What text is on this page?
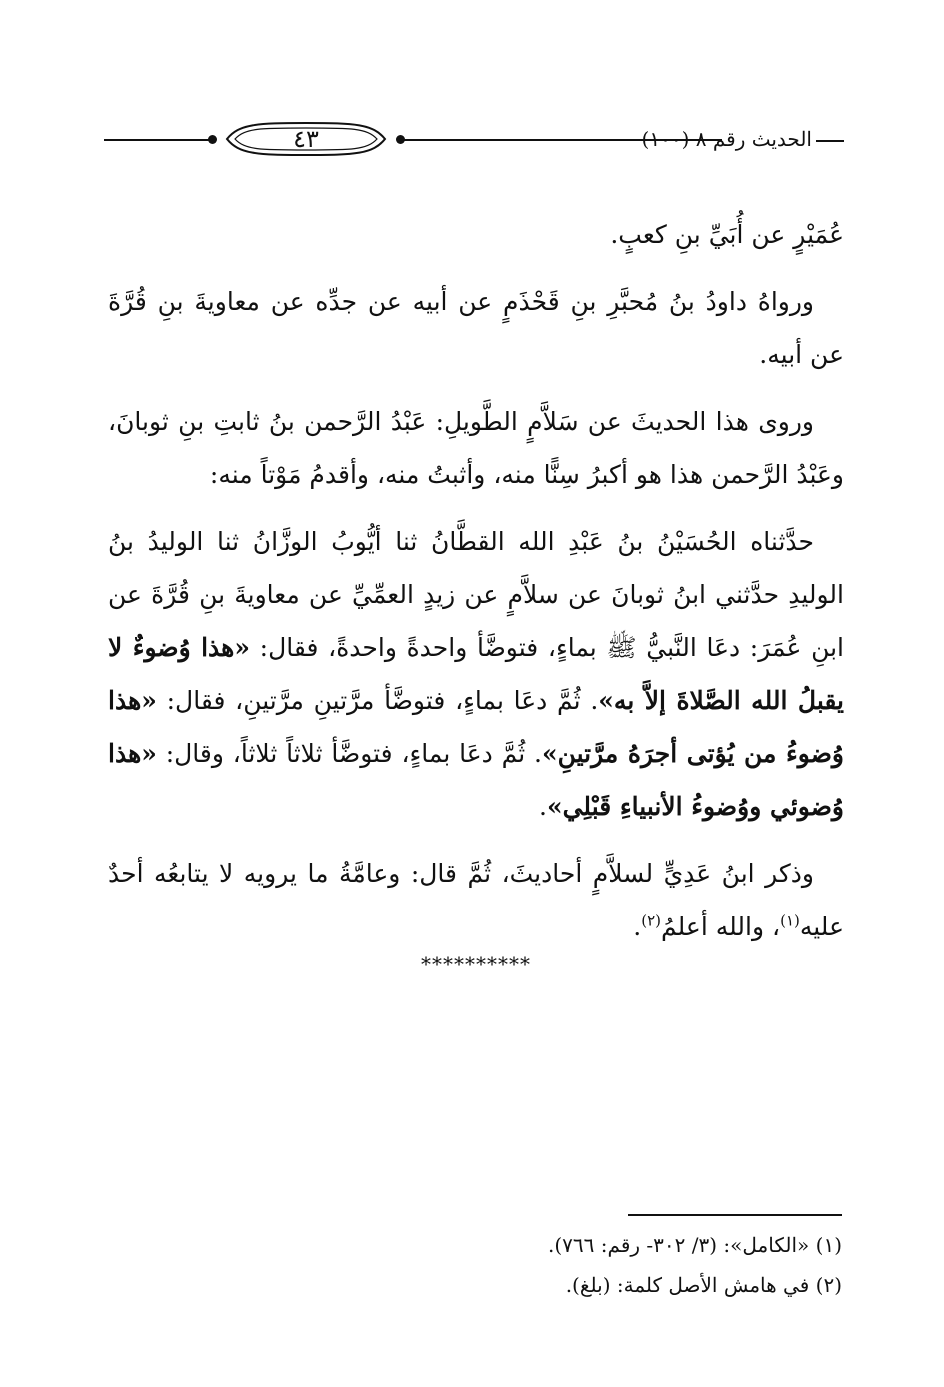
٤٣	الحديث رقم ٨ (١٠٠)

عُمَيْرٍ عن أُبَيِّ بنِ كعبٍ.

ورواهُ داودُ بنُ مُحبَّرِ بنِ قَحْذَمٍ عن أبيه عن جدِّه عن معاويةَ بنِ قُرَّةَ عن أبيه.

وروى هذا الحديثَ عن سَلاَّمٍ الطَّويلِ: عَبْدُ الرَّحمن بنُ ثابتِ بنِ ثوبانَ، وعَبْدُ الرَّحمن هذا هو أكبرُ سِنًّا منه، وأثبتُ منه، وأقدمُ مَوْتاً منه:

حدَّثناه الحُسَيْنُ بنُ عَبْدِ الله القطَّانُ ثنا أيُّوبُ الوزَّانُ ثنا الوليدُ بنُ الوليدِ حدَّثني ابنُ ثوبانَ عن سلاَّمٍ عن زيدٍ العمِّيِّ عن معاويةَ بنِ قُرَّةَ عن ابنِ عُمَرَ: دعَا النَّبيُّ ﷺ بماءٍ، فتوضَّأ واحدةً واحدةً، فقال: «هذا وُضوءٌ لا يقبلُ الله الصَّلاةَ إلاَّ به». ثُمَّ دعَا بماءٍ، فتوضَّأ مرَّتينِ مرَّتينِ، فقال: «هذا وُضوءُ من يُؤتى أجرَهُ مرَّتينِ». ثُمَّ دعَا بماءٍ، فتوضَّأ ثلاثاً ثلاثاً، وقال: «هذا وُضوئي ووُضوءُ الأنبياءِ قَبْلِي».

وذكر ابنُ عَدِيٍّ لسلاَّمٍ أحاديثَ، ثُمَّ قال: وعامَّةُ ما يرويه لا يتابعُه أحدٌ عليه$^{(١)}$، والله أعلمُ$^{(٢)}$.

**********

(١) «الكامل»: (٣/ ٣٠٢- رقم: ٧٦٦).

(٢) في هامش الأصل كلمة: (بلغ).
